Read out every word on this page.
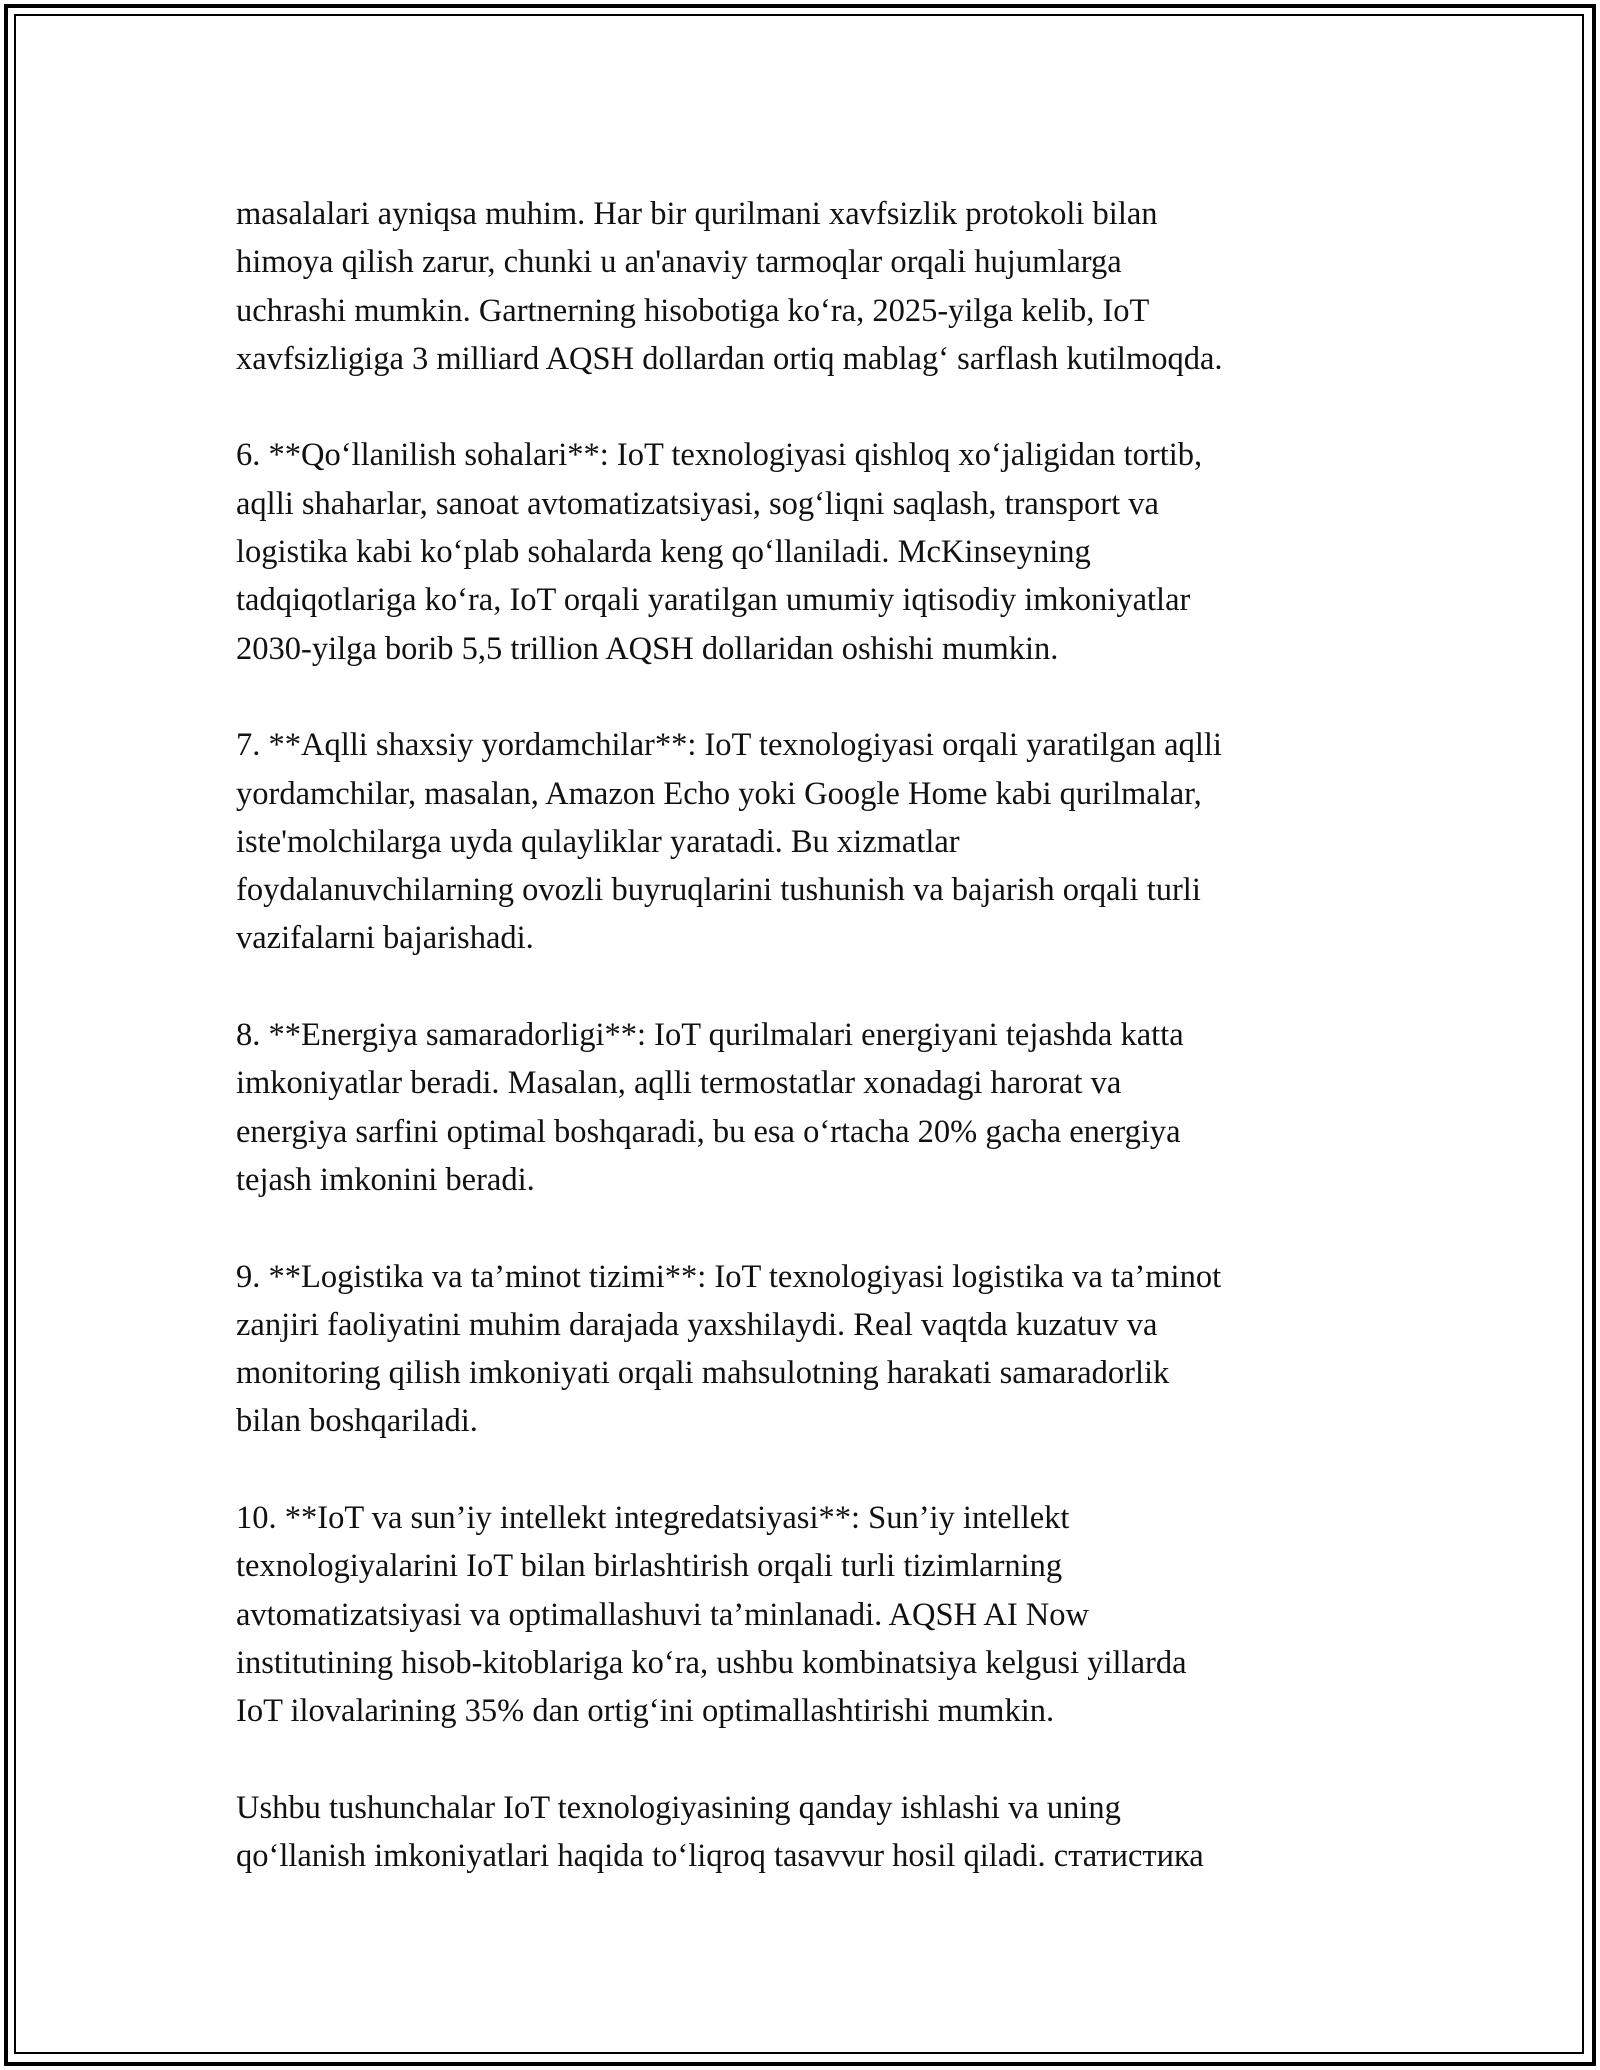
masalalari ayniqsa muhim. Har bir qurilmani xavfsizlik protokoli bilan
himoya qilish zarur, chunki u an'anaviy tarmoqlar orqali hujumlarga
uchrashi mumkin. Gartnerning hisobotiga ko‘ra, 2025-yilga kelib, IoT
xavfsizligiga 3 milliard AQSH dollardan ortiq mablag‘ sarflash kutilmoqda.

6. **Qo‘llanilish sohalari**: IoT texnologiyasi qishloq xo‘jaligidan tortib,
aqlli shaharlar, sanoat avtomatizatsiyasi, sog‘liqni saqlash, transport va
logistika kabi ko‘plab sohalarda keng qo‘llaniladi. McKinseyning
tadqiqotlariga ko‘ra, IoT orqali yaratilgan umumiy iqtisodiy imkoniyatlar
2030-yilga borib 5,5 trillion AQSH dollaridan oshishi mumkin.

7. **Aqlli shaxsiy yordamchilar**: IoT texnologiyasi orqali yaratilgan aqlli
yordamchilar, masalan, Amazon Echo yoki Google Home kabi qurilmalar,
iste'molchilarga uyda qulayliklar yaratadi. Bu xizmatlar
foydalanuvchilarning ovozli buyruqlarini tushunish va bajarish orqali turli
vazifalarni bajarishadi.

8. **Energiya samaradorligi**: IoT qurilmalari energiyani tejashda katta
imkoniyatlar beradi. Masalan, aqlli termostatlar xonadagi harorat va
energiya sarfini optimal boshqaradi, bu esa o‘rtacha 20% gacha energiya
tejash imkonini beradi.

9. **Logistika va ta’minot tizimi**: IoT texnologiyasi logistika va ta’minot
zanjiri faoliyatini muhim darajada yaxshilaydi. Real vaqtda kuzatuv va
monitoring qilish imkoniyati orqali mahsulotning harakati samaradorlik
bilan boshqariladi.

10. **IoT va sun’iy intellekt integredatsiyasi**: Sun’iy intellekt
texnologiyalarini IoT bilan birlashtirish orqali turli tizimlarning
avtomatizatsiyasi va optimallashuvi ta’minlanadi. AQSH AI Now
institutining hisob-kitoblariga ko‘ra, ushbu kombinatsiya kelgusi yillarda
IoT ilovalarining 35% dan ortig‘ini optimallashtirishi mumkin.

Ushbu tushunchalar IoT texnologiyasining qanday ishlashi va uning
qo‘llanish imkoniyatlari haqida to‘liqroq tasavvur hosil qiladi. статистика
